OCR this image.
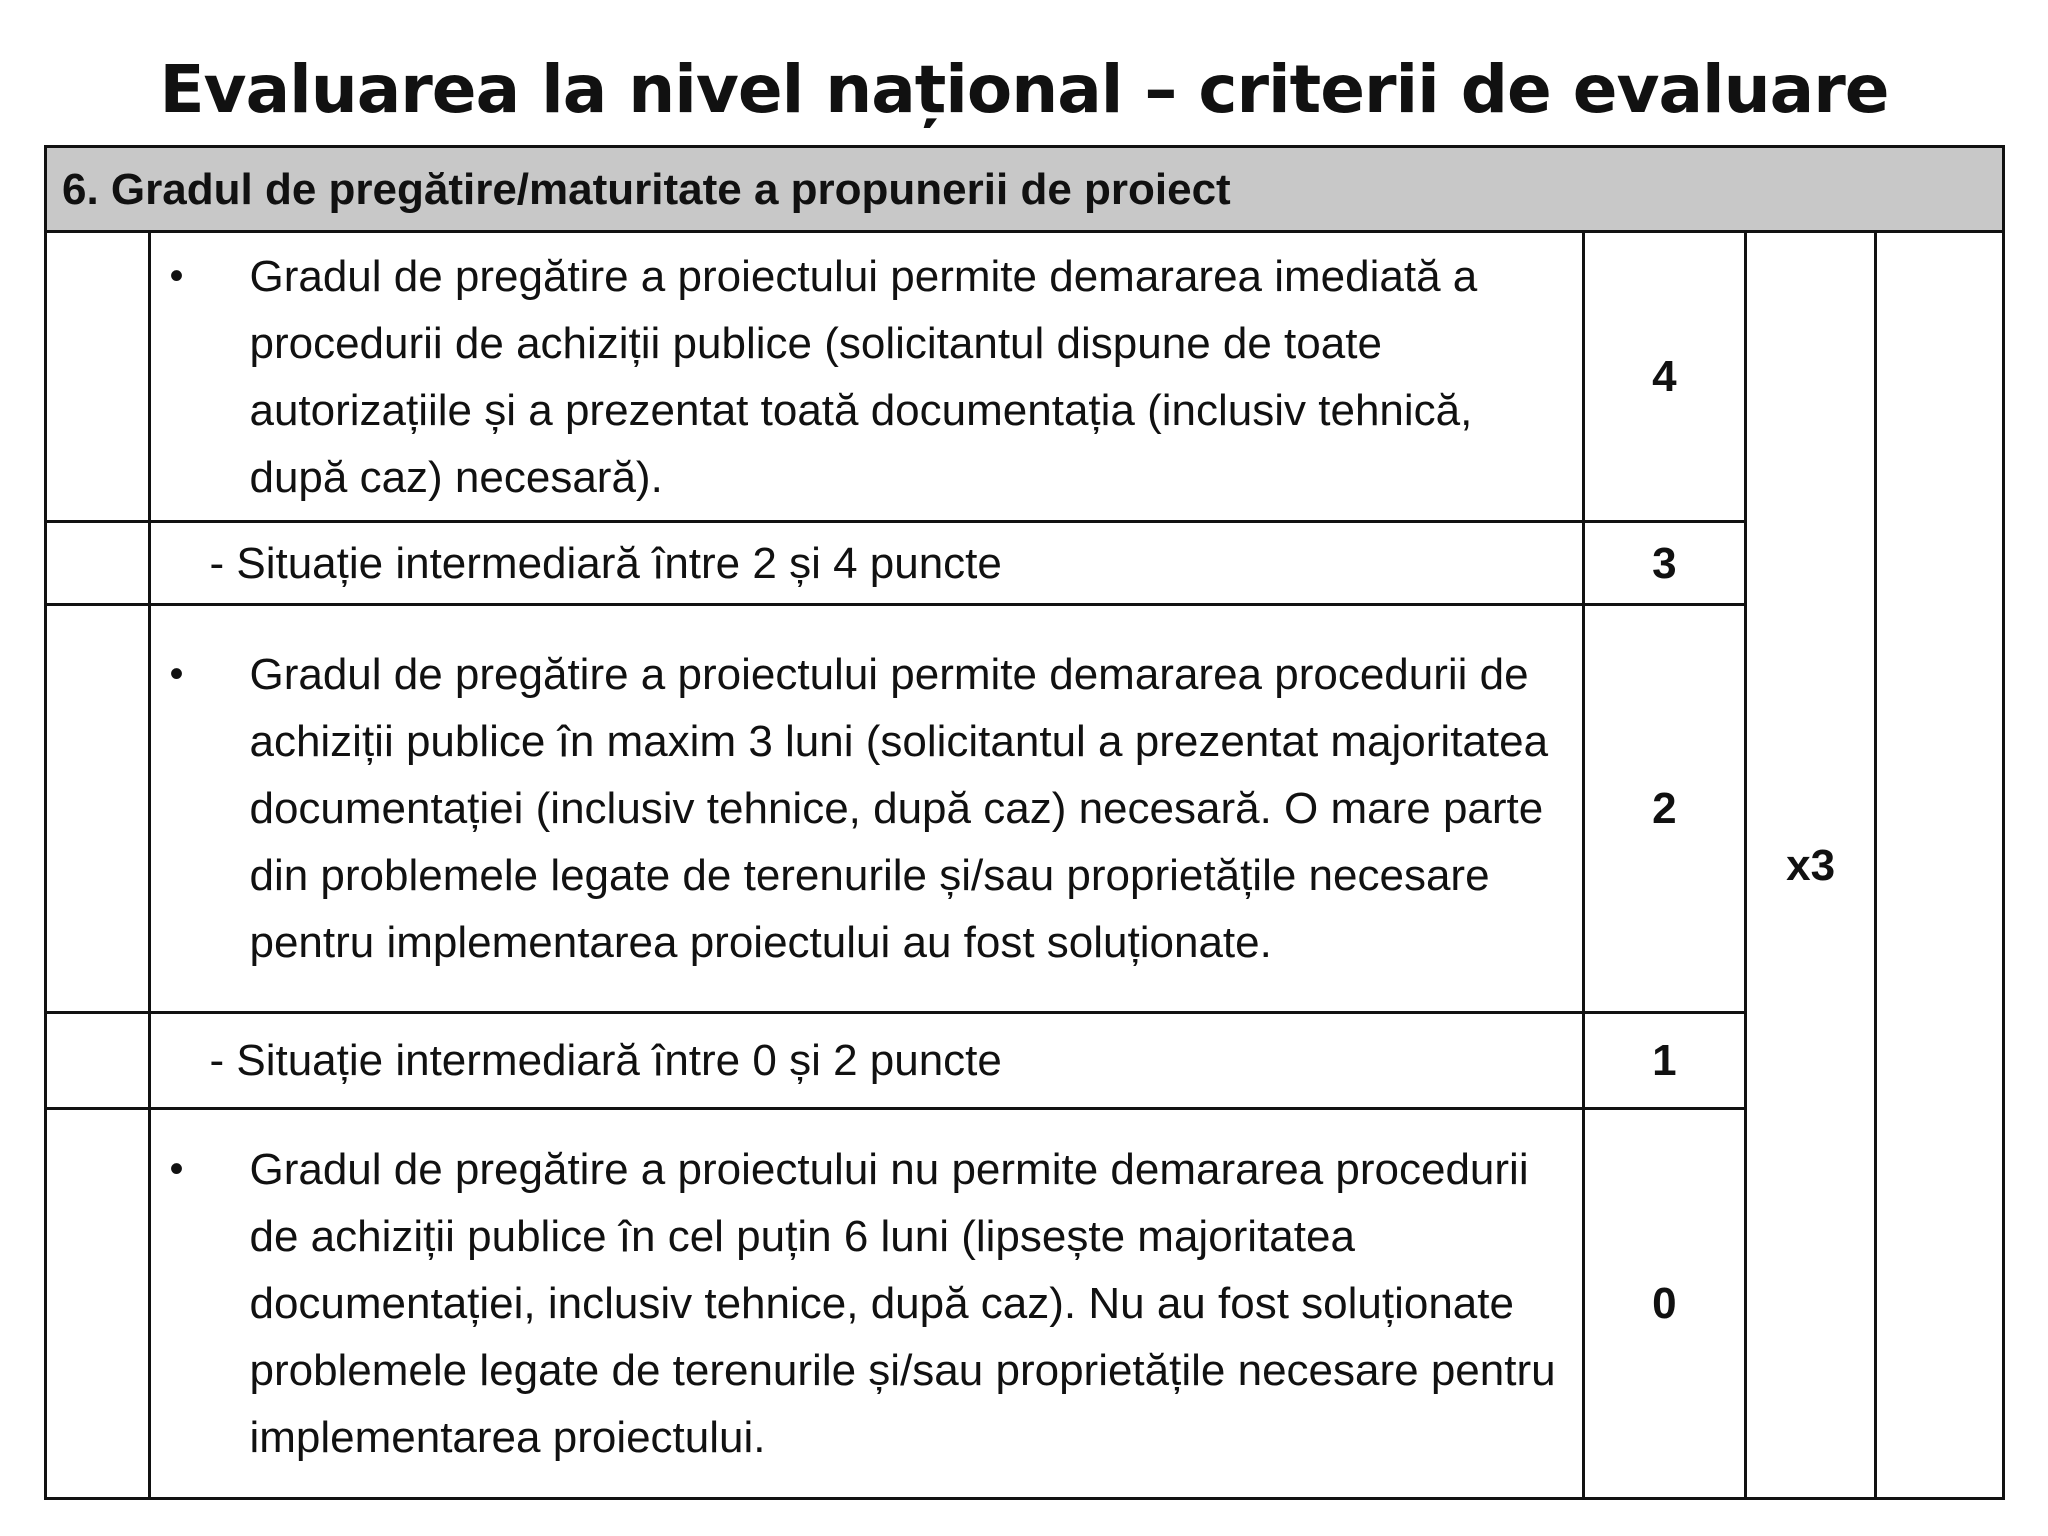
Evaluarea la nivel național – criterii de evaluare
6. Gradul de pregătire/maturitate a propunerii de proiect				

	• Gradul de pregătire a proiectului permite demararea imediată a procedurii de achiziții publice (solicitantul dispune de toate autorizațiile și a prezentat toată documentația (inclusiv tehnică, după caz) necesară).	4	x3	
	- Situație intermediară între 2 și 4 puncte	3		

	• Gradul de pregătire a proiectului permite demararea procedurii de achiziții publice în maxim 3 luni (solicitantul a prezentat majoritatea documentației (inclusiv tehnice, după caz) necesară. O mare parte din problemele legate de terenurile și/sau proprietățile necesare pentru implementarea proiectului au fost soluționate.	2		
	- Situație intermediară între 0 și 2 puncte	1		

	• Gradul de pregătire a proiectului nu permite demararea procedurii de achiziții publice în cel puțin 6 luni (lipsește majoritatea documentației, inclusiv tehnice, după caz). Nu au fost soluționate problemele legate de terenurile și/sau proprietățile necesare pentru implementarea proiectului.	0		
